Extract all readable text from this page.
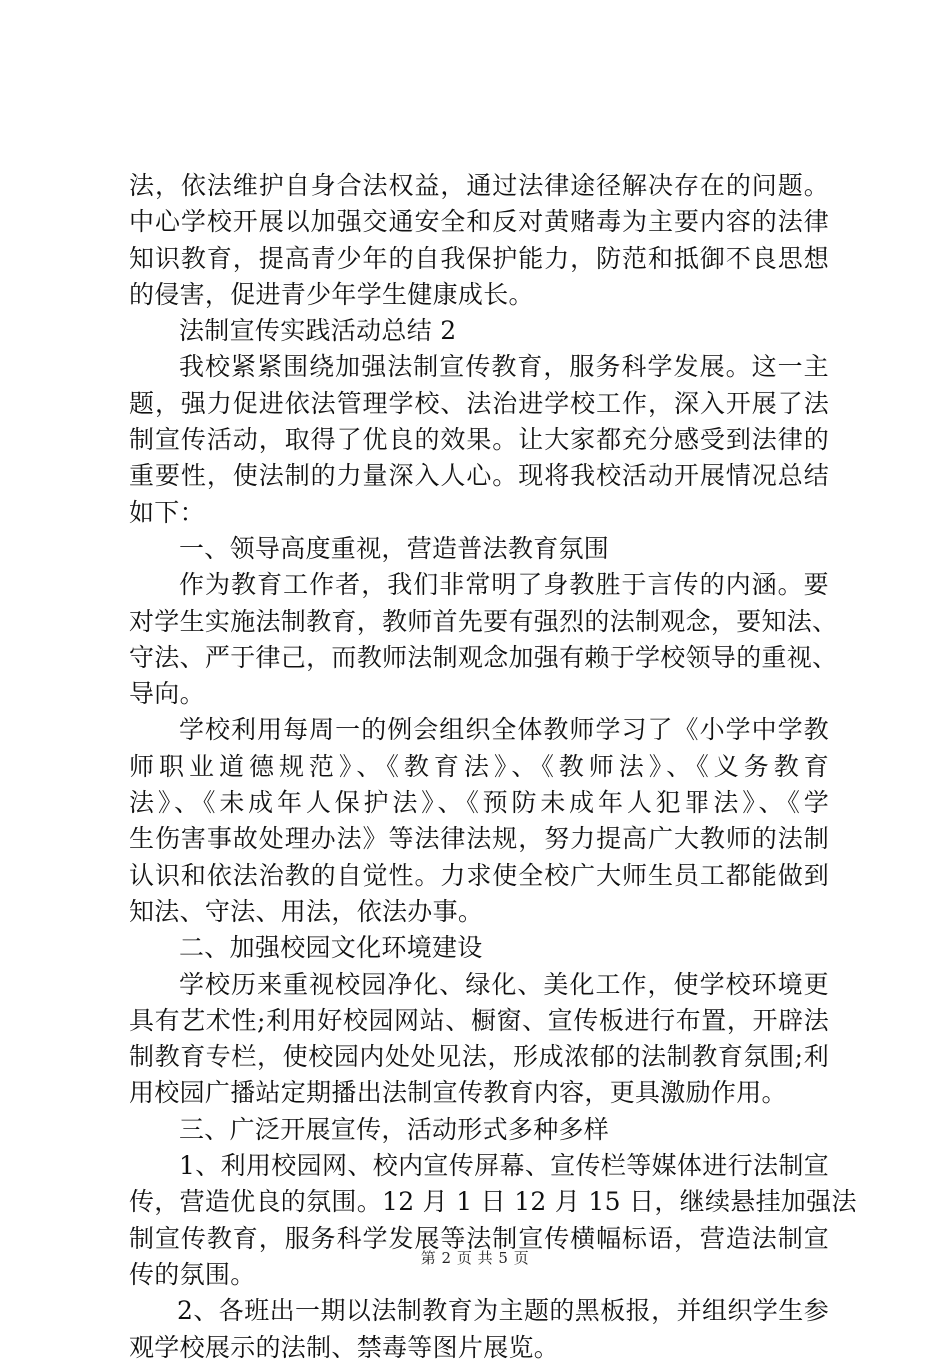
法，依法维护自身合法权益，通过法律途径解决存在的问题。
中心学校开展以加强交通安全和反对黄赌毒为主要内容的法律
知识教育，提高青少年的自我保护能力，防范和抵御不良思想
的侵害，促进青少年学生健康成长。
法制宣传实践活动总结 2
我校紧紧围绕加强法制宣传教育，服务科学发展。这一主
题，强力促进依法管理学校、法治进学校工作，深入开展了法
制宣传活动，取得了优良的效果。让大家都充分感受到法律的
重要性，使法制的力量深入人心。现将我校活动开展情况总结
如下：
一、领导高度重视，营造普法教育氛围
作为教育工作者，我们非常明了身教胜于言传的内涵。要
对学生实施法制教育，教师首先要有强烈的法制观念，要知法、
守法、严于律己，而教师法制观念加强有赖于学校领导的重视、
导向。
学校利用每周一的例会组织全体教师学习了《小学中学教
师职业道德规范》、《教育法》、《教师法》、《义务教育
法》、《未成年人保护法》、《预防未成年人犯罪法》、《学
生伤害事故处理办法》等法律法规，努力提高广大教师的法制
认识和依法治教的自觉性。力求使全校广大师生员工都能做到
知法、守法、用法，依法办事。
二、加强校园文化环境建设
学校历来重视校园净化、绿化、美化工作，使学校环境更
具有艺术性;利用好校园网站、橱窗、宣传板进行布置，开辟法
制教育专栏，使校园内处处见法，形成浓郁的法制教育氛围;利
用校园广播站定期播出法制宣传教育内容，更具激励作用。
三、广泛开展宣传，活动形式多种多样
1、利用校园网、校内宣传屏幕、宣传栏等媒体进行法制宣
传，营造优良的氛围。12 月 1 日 12 月 15 日，继续悬挂加强法
制宣传教育，服务科学发展等法制宣传横幅标语，营造法制宣
传的氛围。
2、各班出一期以法制教育为主题的黑板报，并组织学生参
观学校展示的法制、禁毒等图片展览。
第 2 页 共 5 页
